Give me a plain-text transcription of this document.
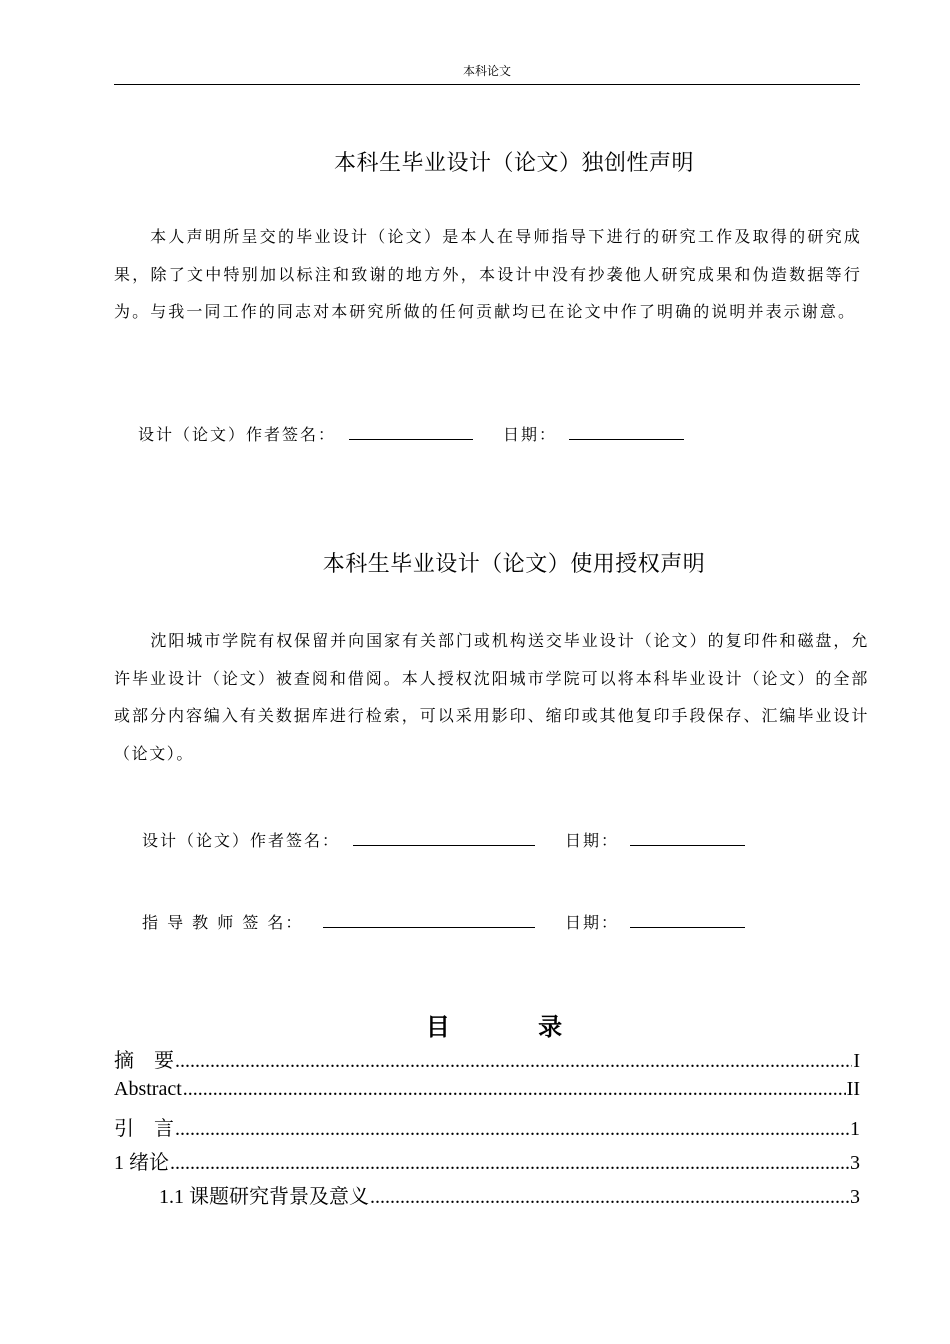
本科论文
本科生毕业设计（论文）独创性声明
本人声明所呈交的毕业设计（论文）是本人在导师指导下进行的研究工作及取得的研究成果，除了文中特别加以标注和致谢的地方外，本设计中没有抄袭他人研究成果和伪造数据等行为。与我一同工作的同志对本研究所做的任何贡献均已在论文中作了明确的说明并表示谢意。
设计（论文）作者签名：	日期：
本科生毕业设计（论文）使用授权声明
沈阳城市学院有权保留并向国家有关部门或机构送交毕业设计（论文）的复印件和磁盘，允许毕业设计（论文）被查阅和借阅。本人授权沈阳城市学院可以将本科毕业设计（论文）的全部或部分内容编入有关数据库进行检索，可以采用影印、缩印或其他复印手段保存、汇编毕业设计（论文）。
设计（论文）作者签名：	日期：
指 导 教 师 签 名：	日期：
目 录
摘    要 .....	I
Abstract .....	II
引    言 .....	1
1 绪论 .....	3
1.1 课题研究背景及意义 .....	3
